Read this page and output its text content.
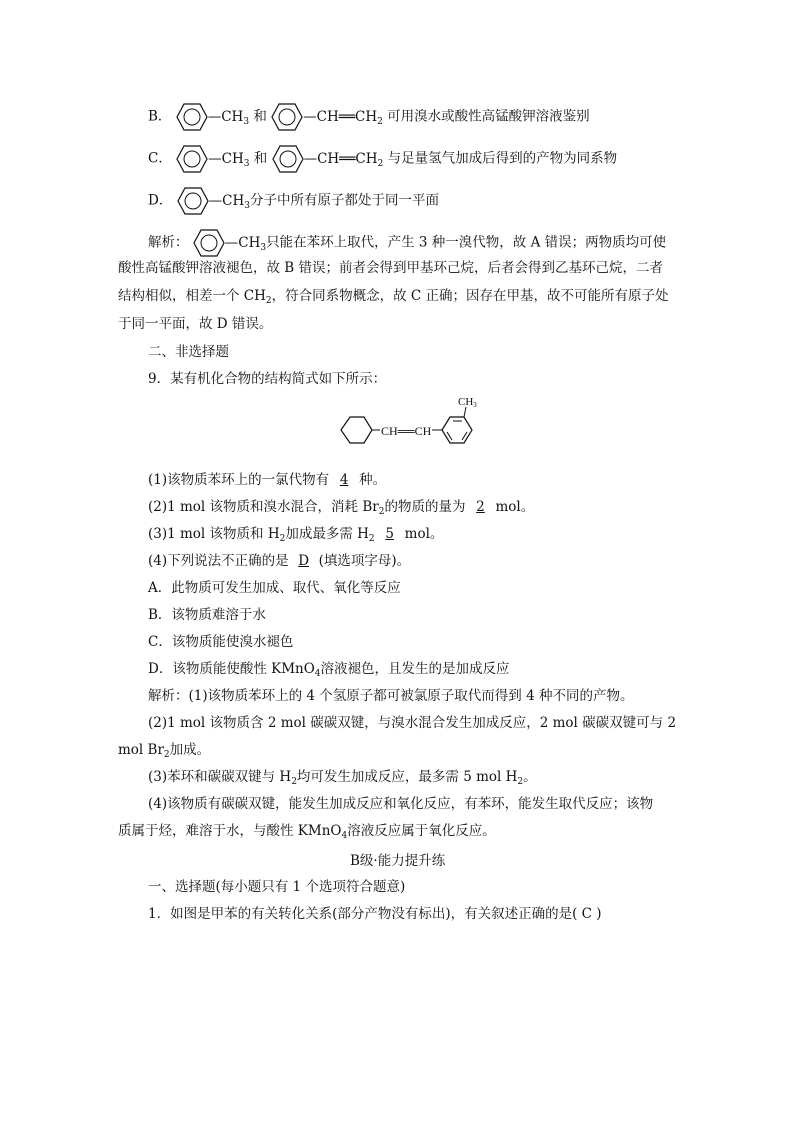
B．	$—CH_3$ 和	$—CH══CH_2$ 可用溴水或酸性高锰酸钾溶液鉴别
C．	$—CH_3$ 和	$—CH══CH_2$ 与足量氢气加成后得到的产物为同系物
D．	$—CH_3$分子中所有原子都处于同一平面
解析：	$—CH_3$只能在苯环上取代，产生 3 种一溴代物，故 A 错误；两物质均可使
酸性高锰酸钾溶液褪色，故 B 错误；前者会得到甲基环己烷，后者会得到乙基环己烷，二者
结构相似，相差一个 $CH_2$，符合同系物概念，故 C 正确；因存在甲基，故不可能所有原子处
于同一平面，故 D 错误。
二、非选择题
9．某有机化合物的结构简式如下所示：
CH══CH
CH3
(1)该物质苯环上的一氯代物有 4 种。
(2)1 mol 该物质和溴水混合，消耗 $Br_2$的物质的量为 2 mol。
(3)1 mol 该物质和 $H_2$加成最多需 $H_2$ 5 mol。
(4)下列说法不正确的是 D (填选项字母)。
A．此物质可发生加成、取代、氧化等反应
B．该物质难溶于水
C．该物质能使溴水褪色
D．该物质能使酸性 KMnO$_4$溶液褪色，且发生的是加成反应
解析：(1)该物质苯环上的 4 个氢原子都可被氯原子取代而得到 4 种不同的产物。
(2)1 mol 该物质含 2 mol 碳碳双键，与溴水混合发生加成反应，2 mol 碳碳双键可与 2
mol $Br_2$加成。
(3)苯环和碳碳双键与 $H_2$均可发生加成反应，最多需 5 mol $H_2$。
(4)该物质有碳碳双键，能发生加成反应和氧化反应，有苯环，能发生取代反应；该物
质属于烃，难溶于水，与酸性 KMnO$_4$溶液反应属于氧化反应。
B级·能力提升练
一、选择题(每小题只有 1 个选项符合题意)
1．如图是甲苯的有关转化关系(部分产物没有标出)，有关叙述正确的是( C )
